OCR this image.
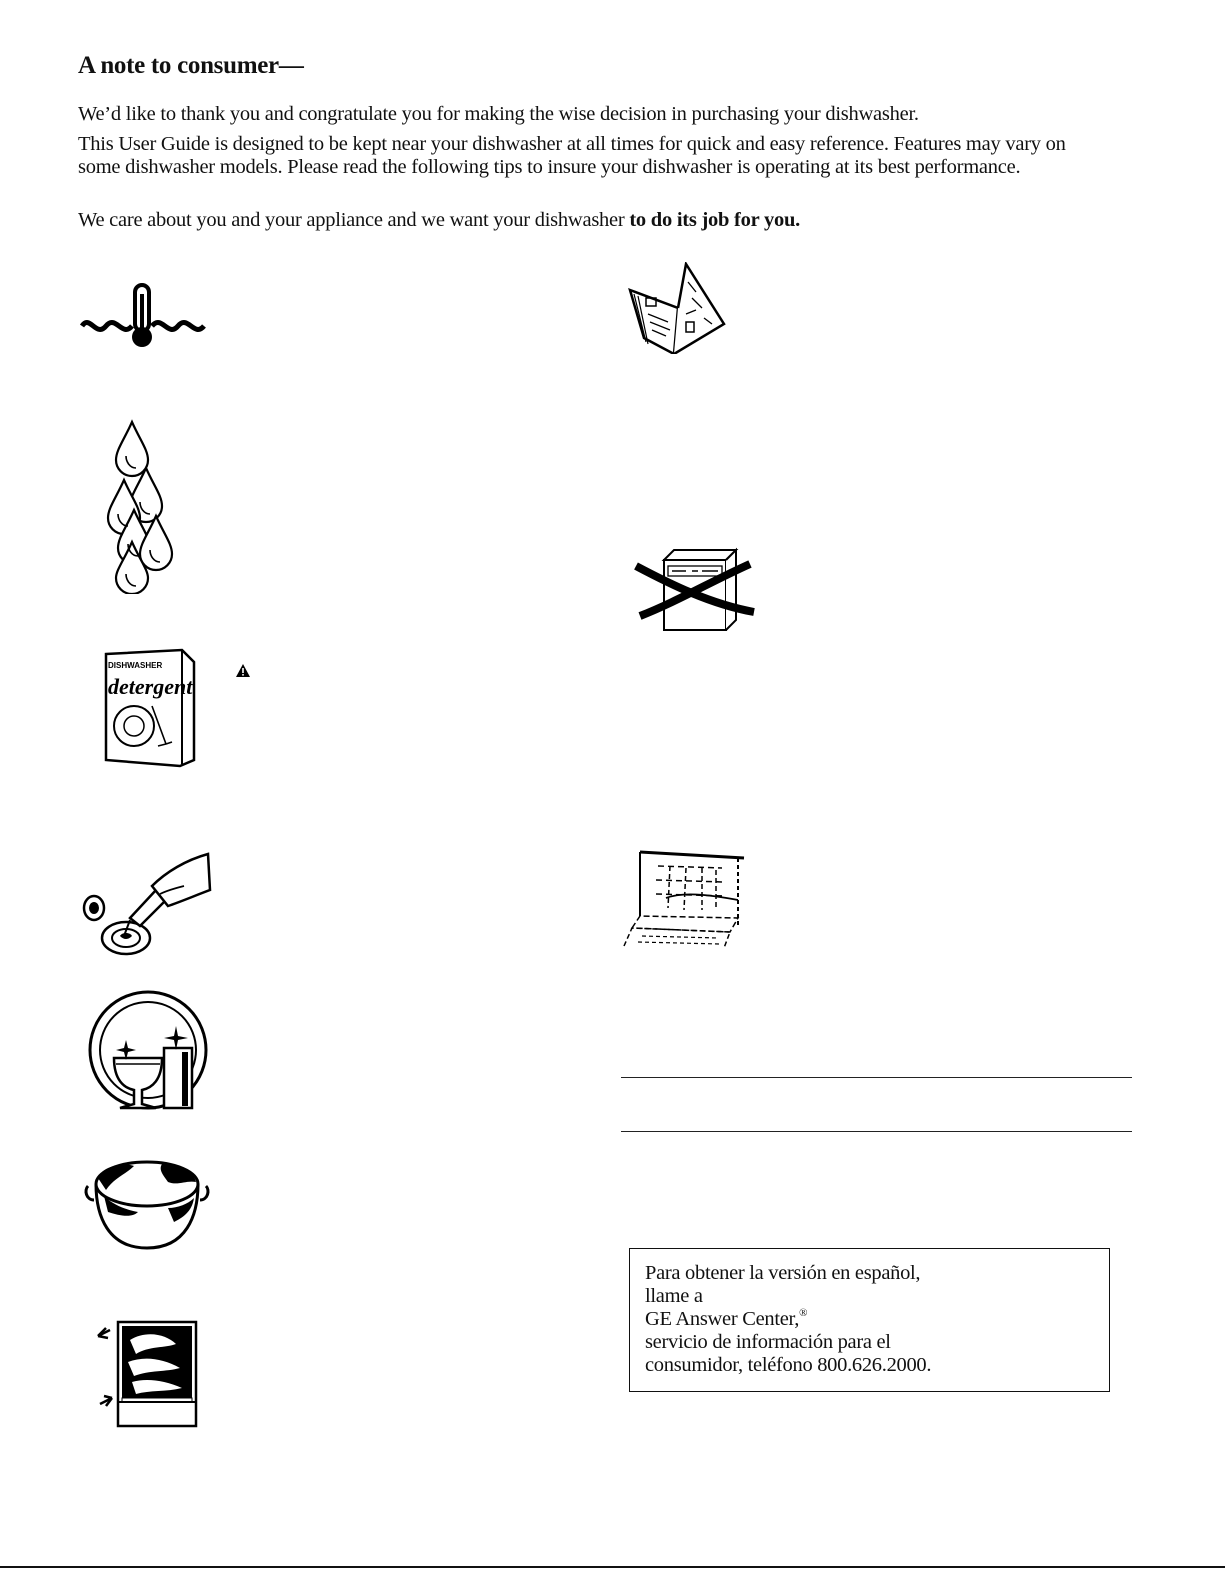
A note to consumer—

We’d like to thank you and congratulate you for making the wise decision in purchasing your dishwasher.

This User Guide is designed to be kept near your dishwasher at all times for quick and easy reference. Features may vary on some dishwasher models. Please read the following tips to insure your dishwasher is operating at its best performance.

We care about you and your appliance and we want your dishwasher to do its job for you.

DISHWASHER
detergent
Para obtener la versión en español,
llame a
GE Answer Center,®
servicio de información para el
consumidor, teléfono 800.626.2000.
